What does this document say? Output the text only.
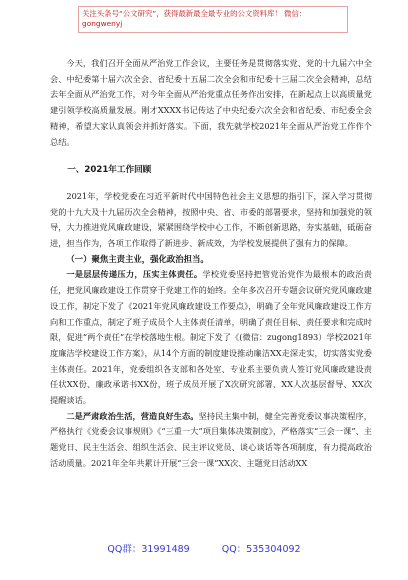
关注头条号“公文研究”，获得最新最全最专业的公文资料库！ 微信：gongwenyj

今天，我们召开全面从严治党工作会议，主要任务是贯彻落实党、党的十九届六中全会、中纪委第十届六次全会、省纪委十五届二次全会和市纪委十三届二次全会精神，总结去年全面从严治党工作，对今年全面从严治党重点任务作出安排，在新起点上以高质量党建引领学校高质量发展。刚才XXXX书记传达了中央纪委六次全会和省纪委、市纪委全会精神，希望大家认真领会并抓好落实。下面，我先就学校2021年全面从严治党工作作个总结。

一、2021年工作回顾

2021年，学校党委在习近平新时代中国特色社会主义思想的指引下，深入学习贯彻党的十九大及十九届历次全会精神，按照中央、省、市委的部署要求，坚持和加强党的领导，大力推进党风廉政建设，紧紧围绕学校中心工作，不断创新思路，夯实基础，砥砺奋进，担当作为，各项工作取得了新进步、新成效，为学校发展提供了强有力的保障。

（一）聚焦主责主业，强化政治担当。

一是层层传递压力，压实主体责任。学校党委坚持把管党治党作为最根本的政治责任，把党风廉政建设工作贯穿于党建工作的始终。全年多次召开专题会议研究党风廉政建设工作，制定下发了《2021年党风廉政建设工作要点》，明确了全年党风廉政建设工作方向和工作重点，制定了班子成员个人主体责任清单，明确了责任目标、责任要求和完成时限，促进“两个责任”在学校落地生根。制定下发了《(微信：zugong1893）学校2021年度廉洁学校建设工作方案》，从14个方面的制度建设推动廉洁XX走深走实，切实落实党委主体责任。2021年，党委组织各支部和各处室、专业系主要负责人签订党风廉政建设责任状XX份、廉政承诺书XX份，班子成员开展了X次研究部署、XX人次基层督导、XX次提醒谈话。

二是严肃政治生活，营造良好生态。坚持民主集中制，健全完善党委议事决策程序，严格执行《党委会议事规则》《“三重一大”项目集体决策制度》，严格落实“三会一课”、主题党日、民主生活会、组织生活会、民主评议党员、谈心谈话等各项制度，有力提高政治活动质量。2021年全年共累计开展“三会一课”XX次、主题党日活动XX

QQ群：31991489	QQ：535304092
